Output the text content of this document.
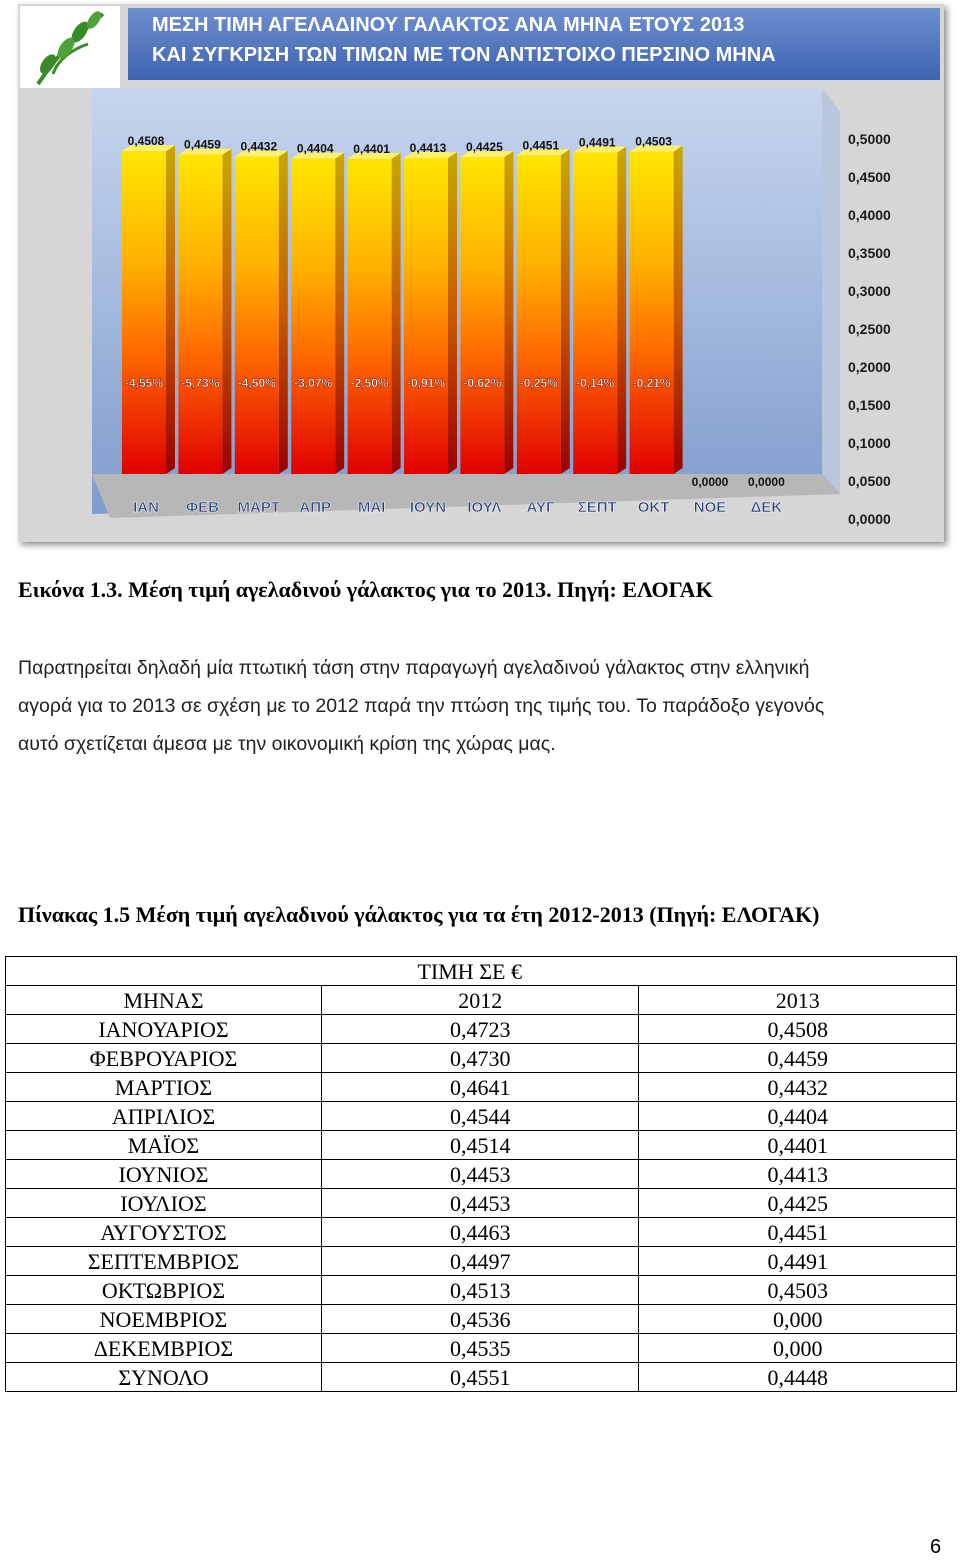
ΜΕΣΗ ΤΙΜΗ ΑΓΕΛΑΔΙΝΟΥ ΓΑΛΑΚΤΟΣ ΑΝΑ ΜΗΝΑ ΕΤΟΥΣ 2013
ΚΑΙ ΣΥΓΚΡΙΣΗ ΤΩΝ ΤΙΜΩΝ ΜΕ ΤΟΝ ΑΝΤΙΣΤΟΙΧΟ ΠΕΡΣΙΝΟ ΜΗΝΑ
0,4508
-4,55%
ΙΑΝ
0,4459
-5,73%
ΦΕΒ
0,4432
-4,50%
ΜΑΡΤ
0,4404
-3,07%
ΑΠΡ
0,4401
-2,50%
ΜΑΙ
0,4413
-0,91%
ΙΟΥΝ
0,4425
-0,62%
ΙΟΥΛ
0,4451
-0,25%
ΑΥΓ
0,4491
-0,14%
ΣΕΠΤ
0,4503
-0,21%
ΟΚΤ
0,0000
ΝΟΕ
0,0000
ΔΕΚ
0,0000
0,0500
0,1000
0,1500
0,2000
0,2500
0,3000
0,3500
0,4000
0,4500
0,5000
Εικόνα 1.3. Μέση τιμή αγελαδινού γάλακτος για το 2013. Πηγή: ΕΛΟΓΑΚ
Παρατηρείται δηλαδή μία πτωτική τάση στην παραγωγή αγελαδινού γάλακτος στην ελληνική
αγορά για το 2013 σε σχέση με το 2012 παρά την πτώση της τιμής του. Το παράδοξο γεγονός
αυτό σχετίζεται άμεσα με την οικονομική κρίση της χώρας μας.
Πίνακας 1.5 Μέση τιμή αγελαδινού γάλακτος για τα έτη 2012-2013 (Πηγή: ΕΛΟΓΑΚ)
	ΤΙΜΗ ΣΕ €	
ΜΗΝΑΣ	2012	2013
ΙΑΝΟΥΑΡΙΟΣ	0,4723	0,4508
ΦΕΒΡΟΥΑΡΙΟΣ	0,4730	0,4459
ΜΑΡΤΙΟΣ	0,4641	0,4432
ΑΠΡΙΛΙΟΣ	0,4544	0,4404
ΜΑΪΟΣ	0,4514	0,4401
ΙΟΥΝΙΟΣ	0,4453	0,4413
ΙΟΥΛΙΟΣ	0,4453	0,4425
ΑΥΓΟΥΣΤΟΣ	0,4463	0,4451
ΣΕΠΤΕΜΒΡΙΟΣ	0,4497	0,4491
ΟΚΤΩΒΡΙΟΣ	0,4513	0,4503
ΝΟΕΜΒΡΙΟΣ	0,4536	0,000
ΔΕΚΕΜΒΡΙΟΣ	0,4535	0,000
ΣΥΝΟΛΟ	0,4551	0,4448
6
